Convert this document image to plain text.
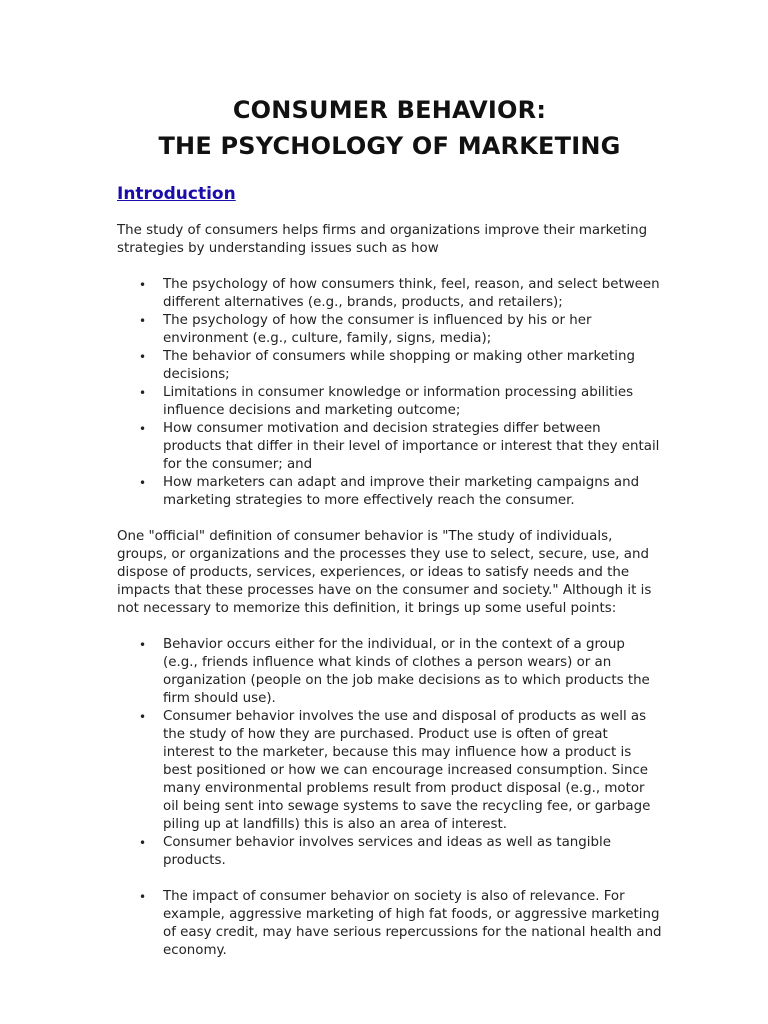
CONSUMER BEHAVIOR:
THE PSYCHOLOGY OF MARKETING
Introduction

The study of consumers helps firms and organizations improve their marketing strategies by understanding issues such as how

• The psychology of how consumers think, feel, reason, and select between different alternatives (e.g., brands, products, and retailers);
• The psychology of how the consumer is influenced by his or her environment (e.g., culture, family, signs, media);
• The behavior of consumers while shopping or making other marketing decisions;
• Limitations in consumer knowledge or information processing abilities influence decisions and marketing outcome;
• How consumer motivation and decision strategies differ between products that differ in their level of importance or interest that they entail for the consumer; and
• How marketers can adapt and improve their marketing campaigns and marketing strategies to more effectively reach the consumer.

One "official" definition of consumer behavior is "The study of individuals, groups, or organizations and the processes they use to select, secure, use, and dispose of products, services, experiences, or ideas to satisfy needs and the impacts that these processes have on the consumer and society." Although it is not necessary to memorize this definition, it brings up some useful points:

• Behavior occurs either for the individual, or in the context of a group (e.g., friends influence what kinds of clothes a person wears) or an organization (people on the job make decisions as to which products the firm should use).
• Consumer behavior involves the use and disposal of products as well as the study of how they are purchased. Product use is often of great interest to the marketer, because this may influence how a product is best positioned or how we can encourage increased consumption. Since many environmental problems result from product disposal (e.g., motor oil being sent into sewage systems to save the recycling fee, or garbage piling up at landfills) this is also an area of interest.
• Consumer behavior involves services and ideas as well as tangible products.
• The impact of consumer behavior on society is also of relevance. For example, aggressive marketing of high fat foods, or aggressive marketing of easy credit, may have serious repercussions for the national health and economy.
